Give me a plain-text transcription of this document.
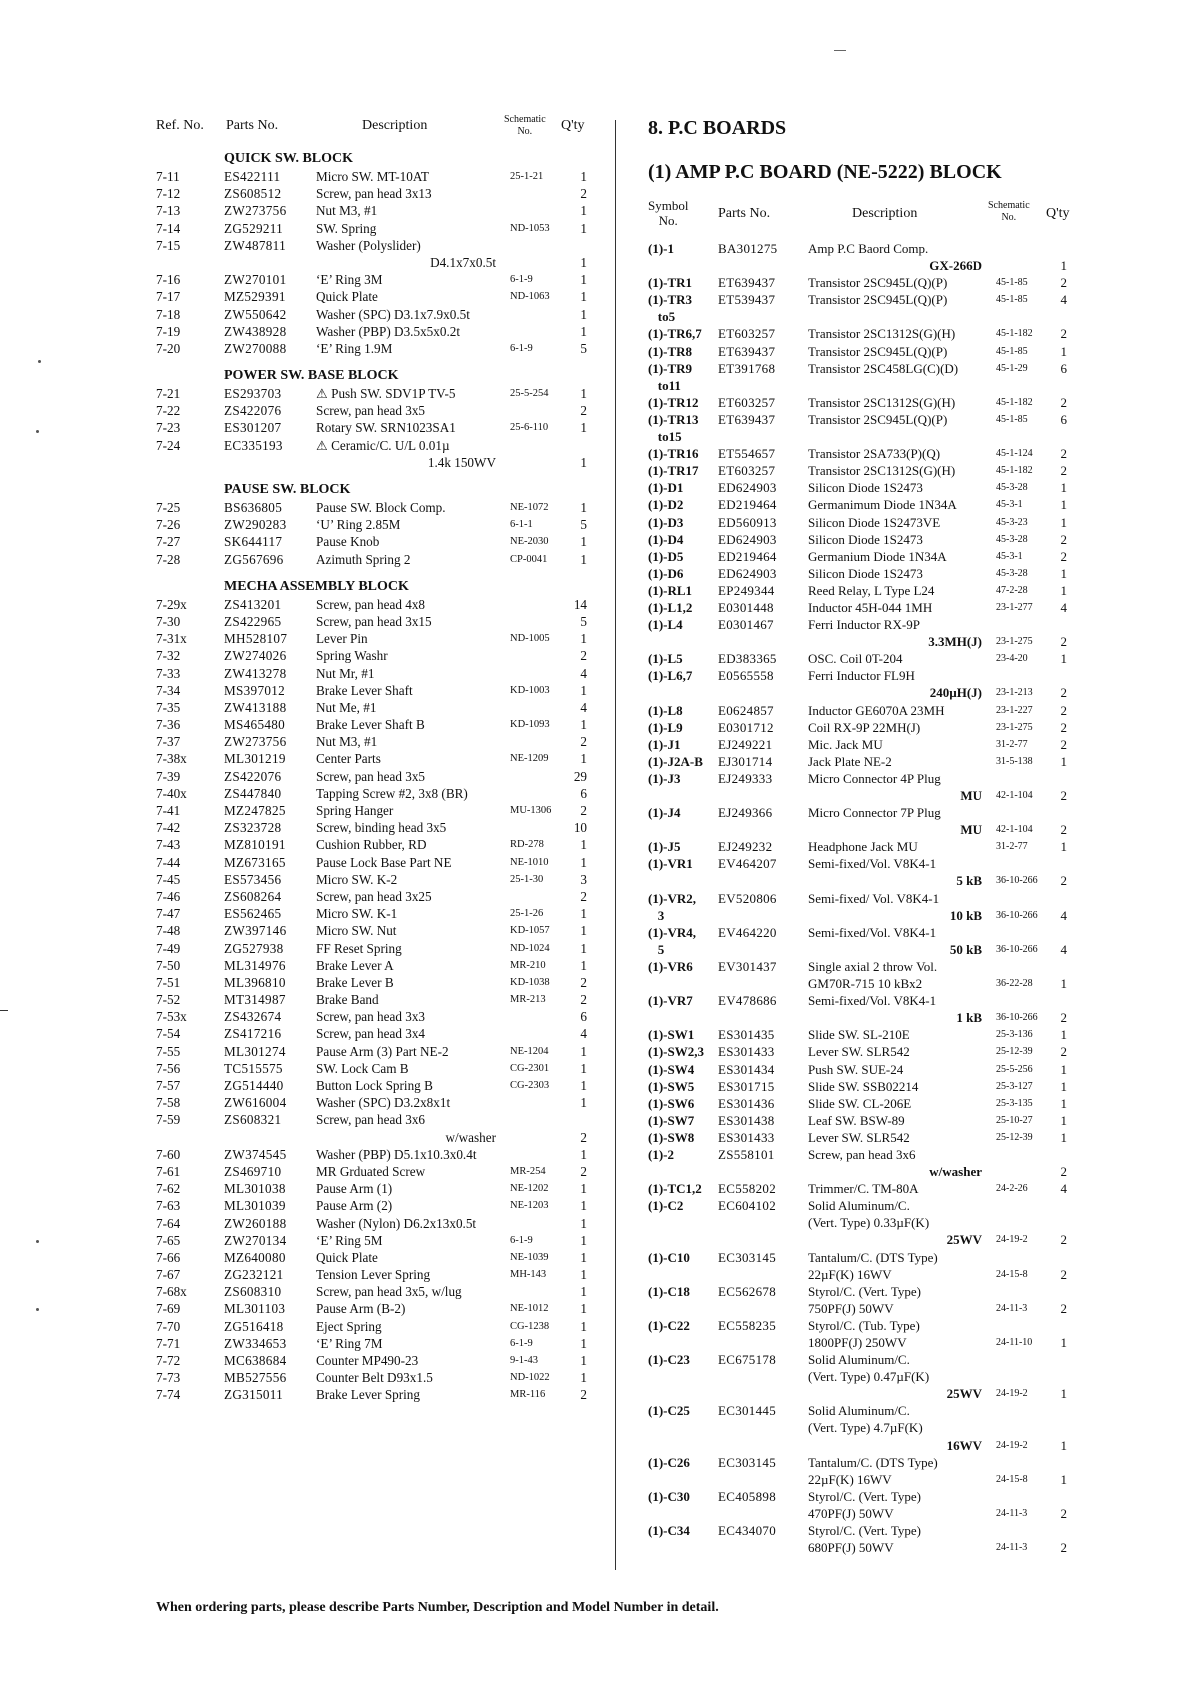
Ref. No. Parts No.	Description	Schematic
No.	Q'ty
QUICK SW. BLOCK
7-11	ES422111	Micro SW. MT-10AT	25-1-21	1
7-12	ZS608512	Screw, pan head 3x13	2
7-13	ZW273756 Nut M3, #1	1
7-14	ZG529211 SW. Spring	ND-1053	1
7-15	ZW487811 Washer (Polyslider)
D4.1x7x0.5t	1
7-16	ZW270101 ‘E’ Ring 3M	6-1-9	1
7-17	MZ529391 Quick Plate	ND-1063	1
7-18	ZW550642 Washer (SPC) D3.1x7.9x0.5t	1
7-19	ZW438928 Washer (PBP) D3.5x5x0.2t	1
7-20	ZW270088 ‘E’ Ring 1.9M	6-1-9	5
POWER SW. BASE BLOCK
7-21	ES293703	⚠ Push SW. SDV1P TV-5	25-5-254	1
7-22	ZS422076	Screw, pan head 3x5	2
7-23	ES301207	Rotary SW. SRN1023SA1	25-6-110	1
7-24	EC335193	⚠ Ceramic/C. U/L 0.01µ
1.4k 150WV	1
PAUSE SW. BLOCK
7-25	BS636805	Pause SW. Block Comp.	NE-1072	1
7-26	ZW290283 ‘U’ Ring 2.85M	6-1-1	5
7-27	SK644117	Pause Knob	NE-2030	1
7-28	ZG567696 Azimuth Spring 2	CP-0041	1
MECHA ASSEMBLY BLOCK
7-29x	ZS413201	Screw, pan head 4x8	14
7-30	ZS422965	Screw, pan head 3x15	5
7-31x	MH528107 Lever Pin	ND-1005	1
7-32	ZW274026 Spring Washr	2
7-33	ZW413278 Nut Mr, #1	4
7-34	MS397012 Brake Lever Shaft	KD-1003	1
7-35	ZW413188 Nut Me, #1	4
7-36	MS465480 Brake Lever Shaft B	KD-1093	1
7-37	ZW273756 Nut M3, #1	2
7-38x	ML301219 Center Parts	NE-1209	1
7-39	ZS422076	Screw, pan head 3x5	29
7-40x	ZS447840	Tapping Screw #2, 3x8 (BR)	6
7-41	MZ247825 Spring Hanger	MU-1306	2
7-42	ZS323728	Screw, binding head 3x5	10
7-43	MZ810191 Cushion Rubber, RD	RD-278	1
7-44	MZ673165 Pause Lock Base Part NE	NE-1010	1
7-45	ES573456	Micro SW. K-2	25-1-30	3
7-46	ZS608264	Screw, pan head 3x25	2
7-47	ES562465	Micro SW. K-1	25-1-26	1
7-48	ZW397146 Micro SW. Nut	KD-1057	1
7-49	ZG527938 FF Reset Spring	ND-1024	1
7-50	ML314976 Brake Lever A	MR-210	1
7-51	ML396810 Brake Lever B	KD-1038	2
7-52	MT314987 Brake Band	MR-213	2
7-53x	ZS432674	Screw, pan head 3x3	6
7-54	ZS417216	Screw, pan head 3x4	4
7-55	ML301274 Pause Arm (3) Part NE-2	NE-1204	1
7-56	TC515575	SW. Lock Cam B	CG-2301	1
7-57	ZG514440 Button Lock Spring B	CG-2303	1
7-58	ZW616004 Washer (SPC) D3.2x8x1t	1
7-59	ZS608321	Screw, pan head 3x6
w/washer	2
7-60	ZW374545 Washer (PBP) D5.1x10.3x0.4t	1
7-61	ZS469710	MR Grduated Screw	MR-254	2
7-62	ML301038 Pause Arm (1)	NE-1202	1
7-63	ML301039 Pause Arm (2)	NE-1203	1
7-64	ZW260188 Washer (Nylon) D6.2x13x0.5t	1
7-65	ZW270134 ‘E’ Ring 5M	6-1-9	1
7-66	MZ640080 Quick Plate	NE-1039	1
7-67	ZG232121 Tension Lever Spring	MH-143	1
7-68x	ZS608310	Screw, pan head 3x5, w/lug	1
7-69	ML301103 Pause Arm (B-2)	NE-1012	1
7-70	ZG516418 Eject Spring	CG-1238	1
7-71	ZW334653 ‘E’ Ring 7M	6-1-9	1
7-72	MC638684 Counter MP490-23	9-1-43	1
7-73	MB527556 Counter Belt D93x1.5	ND-1022	1
7-74	ZG315011 Brake Lever Spring	MR-116	2
8. P.C BOARDS
(1) AMP P.C BOARD (NE-5222) BLOCK
Symbol
No.	Parts No.	Description
Schematic
No.	Q'ty
(1)-1	BA301275 Amp P.C Baord Comp.
GX-266D	1
(1)-TR1 ET639437	Transistor 2SC945L(Q)(P)	45-1-85	2
(1)-TR3 ET539437	Transistor 2SC945L(Q)(P)	45-1-85	4
to5
(1)-TR6,7 ET603257	Transistor 2SC1312S(G)(H)	45-1-182	2
(1)-TR8 ET639437	Transistor 2SC945L(Q)(P)	45-1-85	1
(1)-TR9 ET391768	Transistor 2SC458LG(C)(D)	45-1-29	6
to11
(1)-TR12 ET603257	Transistor 2SC1312S(G)(H)	45-1-182	2
(1)-TR13 ET639437	Transistor 2SC945L(Q)(P)	45-1-85	6
to15
(1)-TR16 ET554657	Transistor 2SA733(P)(Q)	45-1-124	2
(1)-TR17 ET603257	Transistor 2SC1312S(G)(H)	45-1-182	2
(1)-D1	ED624903 Silicon Diode 1S2473	45-3-28	1
(1)-D2	ED219464 Germanimum Diode 1N34A	45-3-1	1
(1)-D3	ED560913 Silicon Diode 1S2473VE	45-3-23	1
(1)-D4	ED624903 Silicon Diode 1S2473	45-3-28	2
(1)-D5	ED219464 Germanium Diode 1N34A	45-3-1	2
(1)-D6	ED624903 Silicon Diode 1S2473	45-3-28	1
(1)-RL1 EP249344	Reed Relay, L Type L24	47-2-28	1
(1)-L1,2 E0301448	Inductor 45H-044 1MH	23-1-277	4
(1)-L4	E0301467	Ferri Inductor RX-9P
3.3MH(J) 23-1-275	2
(1)-L5	ED383365 OSC. Coil 0T-204	23-4-20	1
(1)-L6,7 E0565558	Ferri Inductor FL9H
240µH(J) 23-1-213	2
(1)-L8	E0624857	Inductor GE6070A 23MH	23-1-227	2
(1)-L9	E0301712	Coil RX-9P 22MH(J)	23-1-275	2
(1)-J1	EJ249221	Mic. Jack MU	31-2-77	2
(1)-J2A-B EJ301714	Jack Plate NE-2	31-5-138	1
(1)-J3	EJ249333	Micro Connector 4P Plug
MU 42-1-104	2
(1)-J4	EJ249366	Micro Connector 7P Plug
MU 42-1-104	2
(1)-J5	EJ249232	Headphone Jack MU	31-2-77	1
(1)-VR1 EV464207 Semi-fixed/Vol. V8K4-1
5 kB 36-10-266	2
(1)-VR2, EV520806 Semi-fixed/ Vol. V8K4-1
3	10 kB 36-10-266	4
(1)-VR4, EV464220 Semi-fixed/Vol. V8K4-1
5	50 kB 36-10-266	4
(1)-VR6 EV301437 Single axial 2 throw Vol.
GM70R-715 10 kBx2	36-22-28	1
(1)-VR7 EV478686 Semi-fixed/Vol. V8K4-1
1 kB 36-10-266	2
(1)-SW1 ES301435	Slide SW. SL-210E	25-3-136	1
(1)-SW2,3 ES301433	Lever SW. SLR542	25-12-39	2
(1)-SW4 ES301434	Push SW. SUE-24	25-5-256	1
(1)-SW5 ES301715	Slide SW. SSB02214	25-3-127	1
(1)-SW6 ES301436	Slide SW. CL-206E	25-3-135	1
(1)-SW7 ES301438	Leaf SW. BSW-89	25-10-27	1
(1)-SW8 ES301433	Lever SW. SLR542	25-12-39	1
(1)-2	ZS558101	Screw, pan head 3x6
w/washer	2
(1)-TC1,2 EC558202 Trimmer/C. TM-80A	24-2-26	4
(1)-C2	EC604102 Solid Aluminum/C.
(Vert. Type) 0.33µF(K)
25WV 24-19-2	2
(1)-C10 EC303145 Tantalum/C. (DTS Type)
22µF(K) 16WV	24-15-8	2
(1)-C18 EC562678 Styrol/C. (Vert. Type)
750PF(J) 50WV	24-11-3	2
(1)-C22 EC558235 Styrol/C. (Tub. Type)
1800PF(J) 250WV	24-11-10	1
(1)-C23 EC675178 Solid Aluminum/C.
(Vert. Type) 0.47µF(K)
25WV 24-19-2	1
(1)-C25 EC301445 Solid Aluminum/C.
(Vert. Type) 4.7µF(K)
16WV 24-19-2	1
(1)-C26 EC303145 Tantalum/C. (DTS Type)
22µF(K) 16WV	24-15-8	1
(1)-C30 EC405898 Styrol/C. (Vert. Type)
470PF(J) 50WV	24-11-3	2
(1)-C34 EC434070 Styrol/C. (Vert. Type)
680PF(J) 50WV	24-11-3	2
When ordering parts, please describe Parts Number, Description and Model Number in detail.
